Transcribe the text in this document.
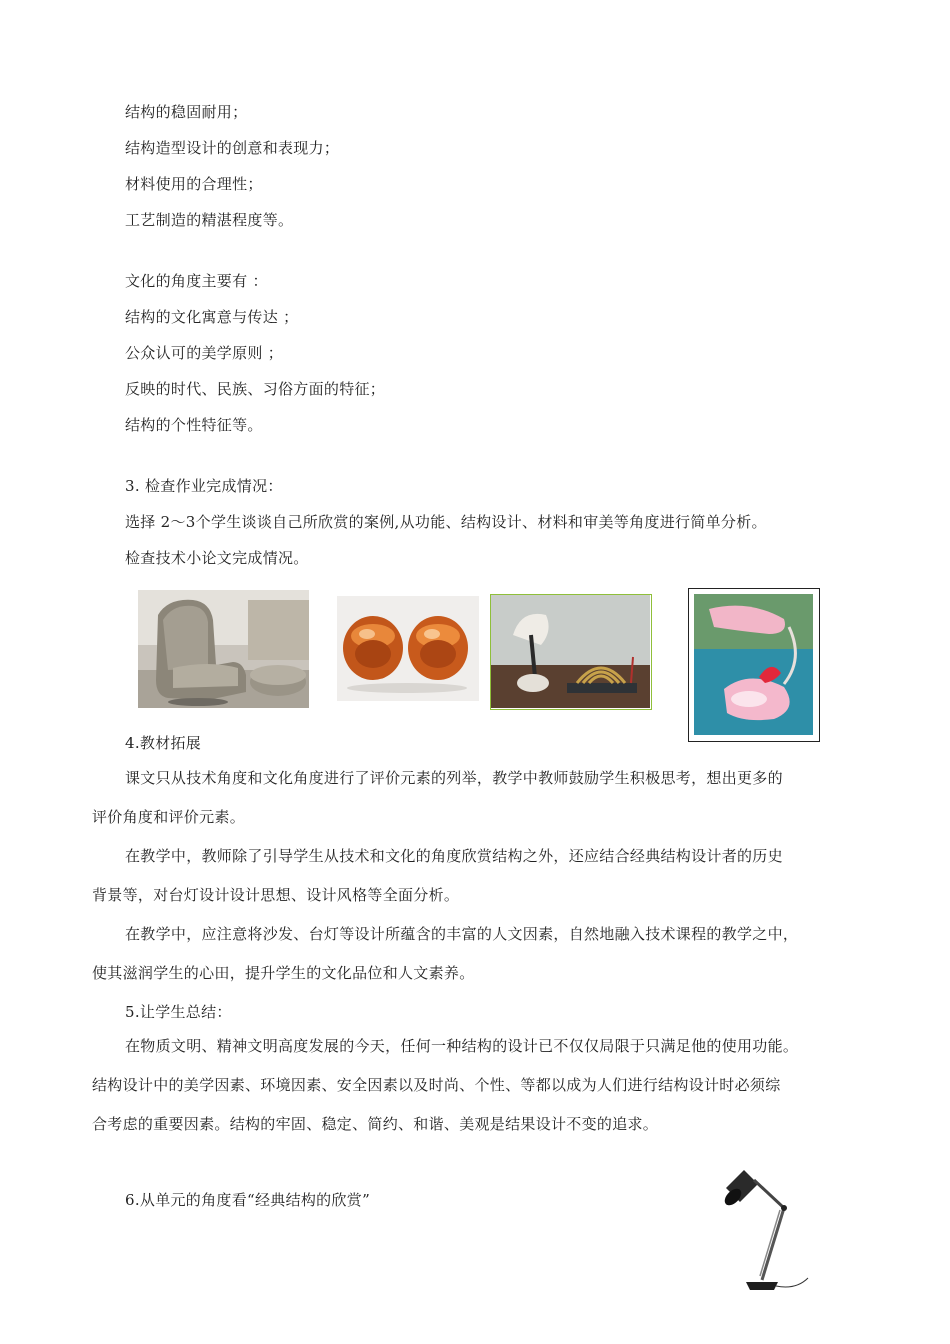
结构的稳固耐用；
结构造型设计的创意和表现力；
材料使用的合理性；
工艺制造的精湛程度等。
文化的角度主要有 ：
结构的文化寓意与传达 ；
公众认可的美学原则 ；
反映的时代、民族、习俗方面的特征；
结构的个性特征等。
3. 检查作业完成情况：
选择 2～3个学生谈谈自己所欣赏的案例,从功能、结构设计、材料和审美等角度进行简单分析。
检查技术小论文完成情况。
4.教材拓展
课文只从技术角度和文化角度进行了评价元素的列举，教学中教师鼓励学生积极思考，想出更多的
评价角度和评价元素。
在教学中，教师除了引导学生从技术和文化的角度欣赏结构之外，还应结合经典结构设计者的历史
背景等，对台灯设计设计思想、设计风格等全面分析。
在教学中，应注意将沙发、台灯等设计所蕴含的丰富的人文因素，自然地融入技术课程的教学之中，
使其滋润学生的心田，提升学生的文化品位和人文素养。
5.让学生总结：
在物质文明、精神文明高度发展的今天，任何一种结构的设计已不仅仅局限于只满足他的使用功能。
结构设计中的美学因素、环境因素、安全因素以及时尚、个性、等都以成为人们进行结构设计时必须综
合考虑的重要因素。结构的牢固、稳定、简约、和谐、美观是结果设计不变的追求。
6.从单元的角度看“经典结构的欣赏”
